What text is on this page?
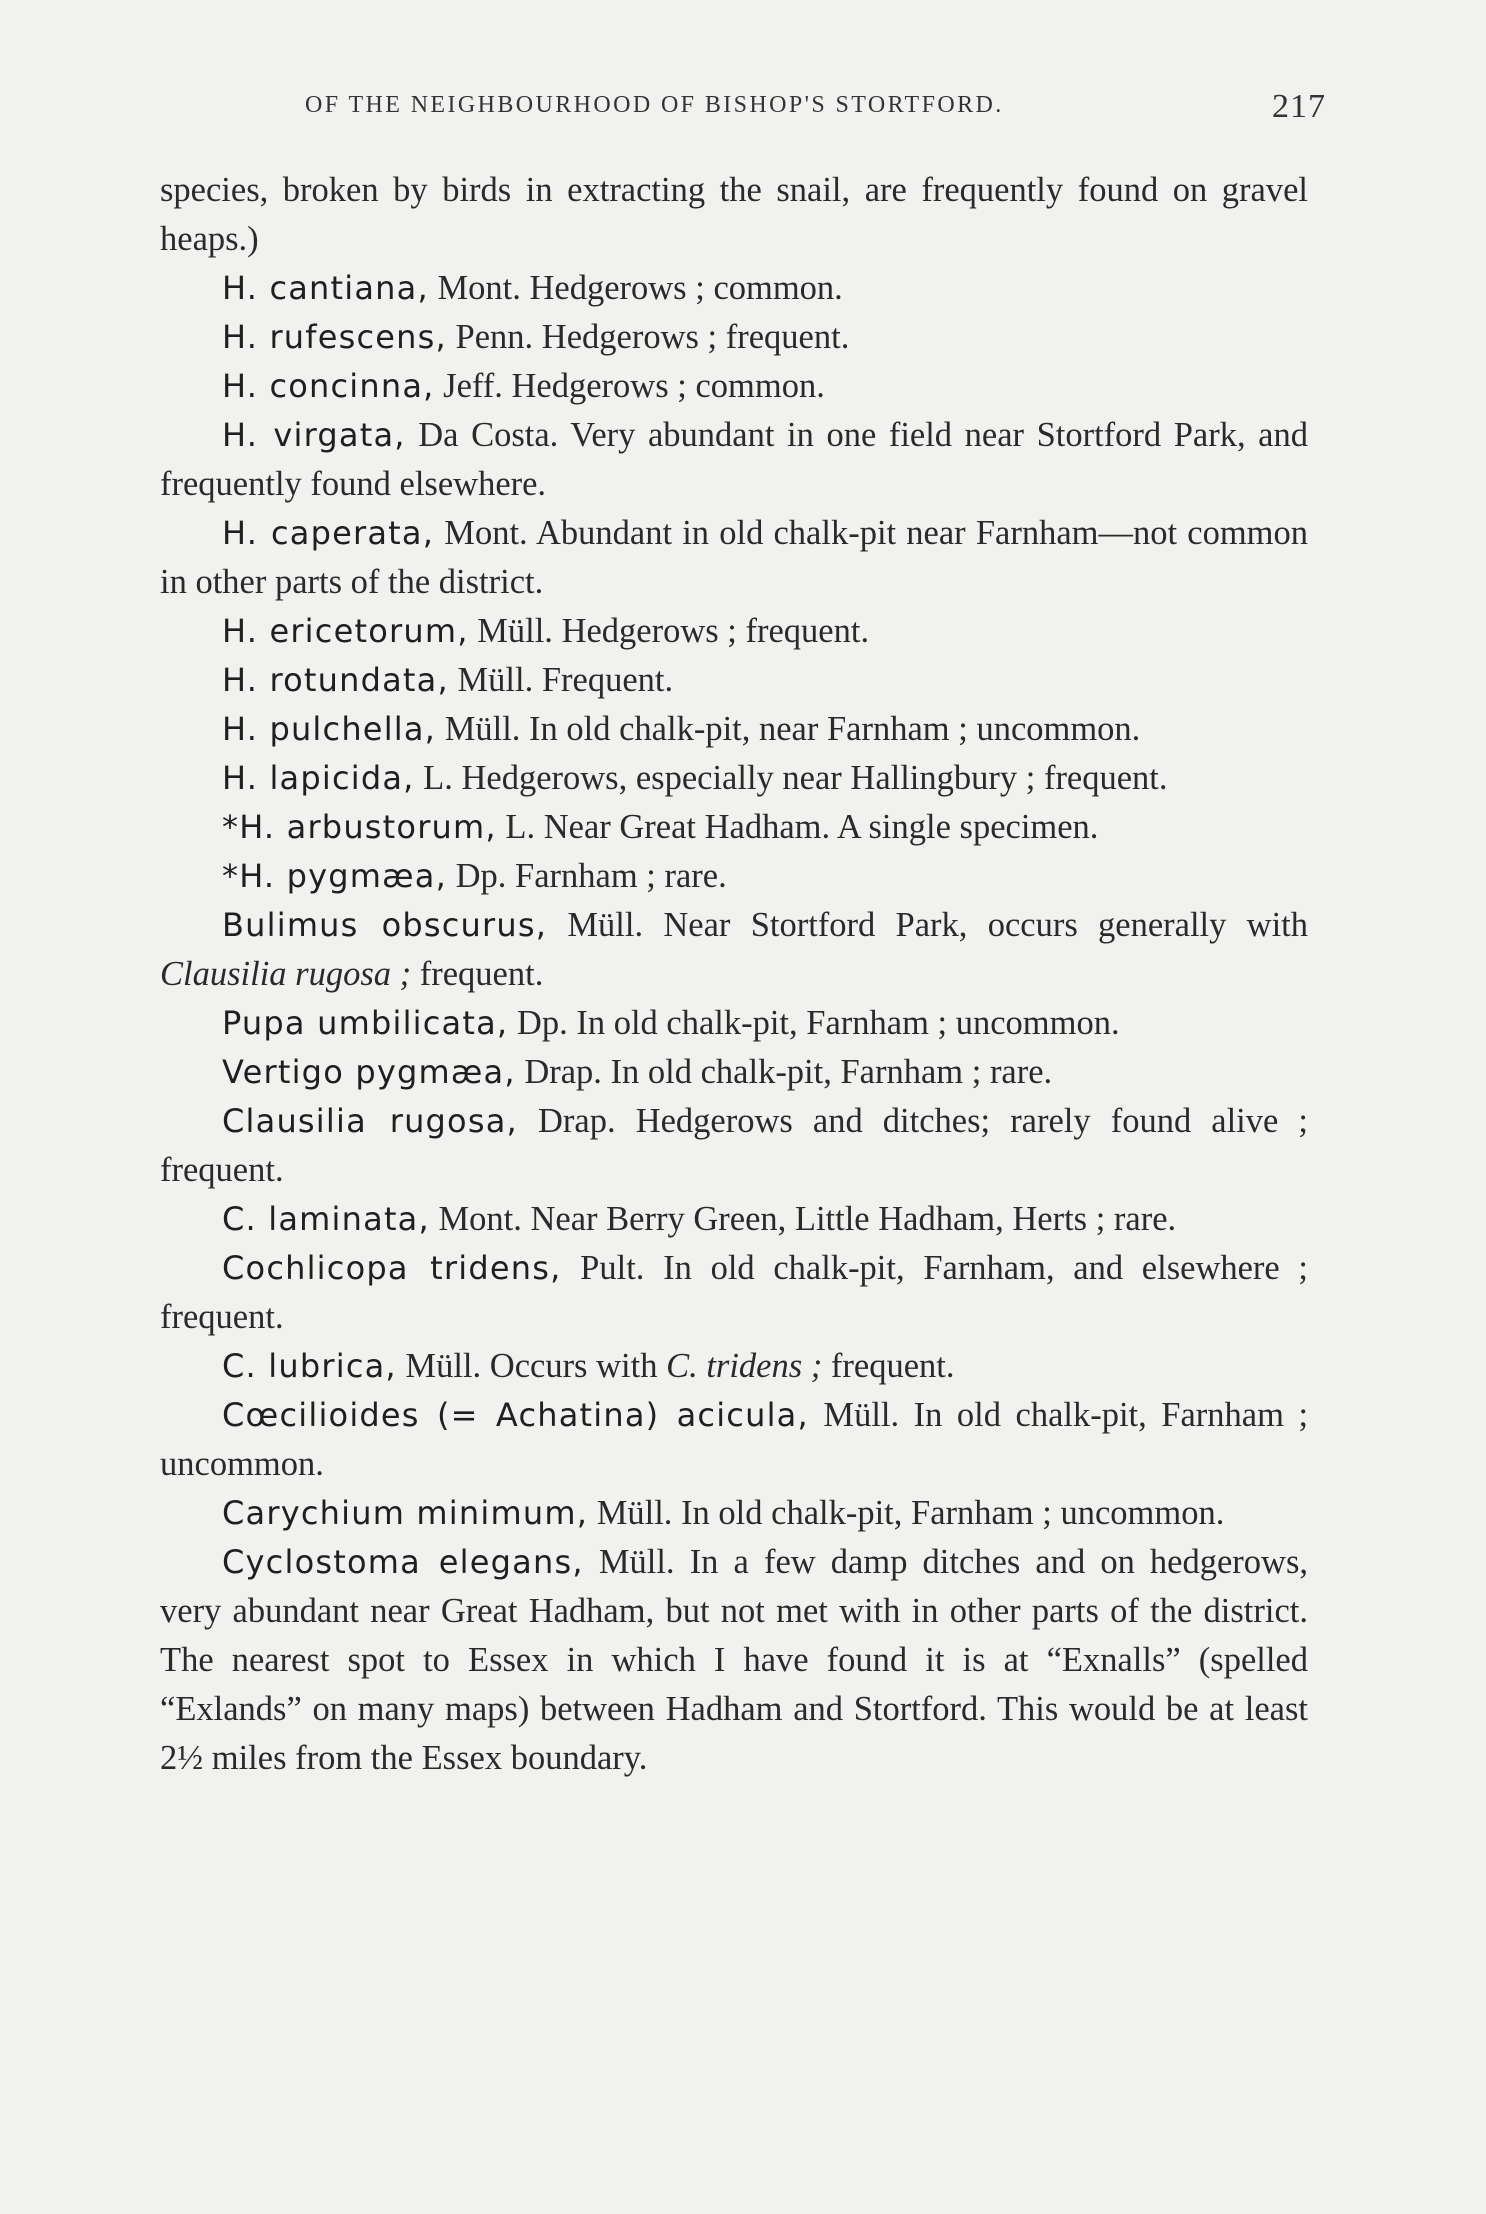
OF THE NEIGHBOURHOOD OF BISHOP'S STORTFORD.	217

species, broken by birds in extracting the snail, are frequently found on gravel heaps.)

H. cantiana, Mont. Hedgerows ; common.

H. rufescens, Penn. Hedgerows ; frequent.

H. concinna, Jeff. Hedgerows ; common.

H. virgata, Da Costa. Very abundant in one field near Stortford Park, and frequently found elsewhere.

H. caperata, Mont. Abundant in old chalk-pit near Farnham—not common in other parts of the district.

H. ericetorum, Müll. Hedgerows ; frequent.

H. rotundata, Müll. Frequent.

H. pulchella, Müll. In old chalk-pit, near Farnham ; uncommon.

H. lapicida, L. Hedgerows, especially near Hallingbury ; frequent.

*H. arbustorum, L. Near Great Hadham. A single specimen.

*H. pygmæa, Dp. Farnham ; rare.

Bulimus obscurus, Müll. Near Stortford Park, occurs generally with Clausilia rugosa ; frequent.

Pupa umbilicata, Dp. In old chalk-pit, Farnham ; uncommon.

Vertigo pygmæa, Drap. In old chalk-pit, Farnham ; rare.

Clausilia rugosa, Drap. Hedgerows and ditches; rarely found alive ; frequent.

C. laminata, Mont. Near Berry Green, Little Hadham, Herts ; rare.

Cochlicopa tridens, Pult. In old chalk-pit, Farnham, and elsewhere ; frequent.

C. lubrica, Müll. Occurs with C. tridens ; frequent.

Cœcilioides (= Achatina) acicula, Müll. In old chalk-pit, Farnham ; uncommon.

Carychium minimum, Müll. In old chalk-pit, Farnham ; uncommon.

Cyclostoma elegans, Müll. In a few damp ditches and on hedgerows, very abundant near Great Hadham, but not met with in other parts of the district. The nearest spot to Essex in which I have found it is at “Exnalls” (spelled “Exlands” on many maps) between Hadham and Stortford. This would be at least 2½ miles from the Essex boundary.
